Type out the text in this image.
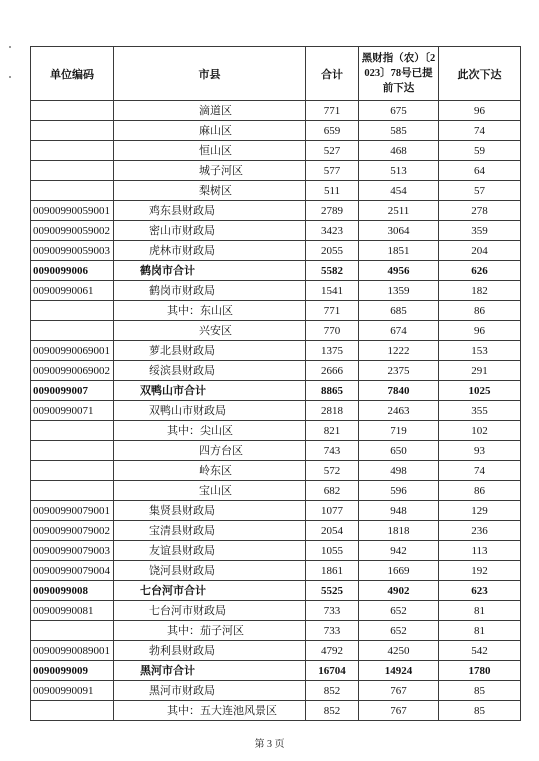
单位编码	市县	合计	黑财指（农）〔2023〕78号已提前下达	此次下达
	滴道区	771	675	96
	麻山区	659	585	74
	恒山区	527	468	59
	城子河区	577	513	64
	梨树区	511	454	57
00900990059001	鸡东县财政局	2789	2511	278
00900990059002	密山市财政局	3423	3064	359
00900990059003	虎林市财政局	2055	1851	204
0090099006	鹤岗市合计	5582	4956	626
00900990061	鹤岗市财政局	1541	1359	182
	其中：东山区	771	685	86
	兴安区	770	674	96
00900990069001	萝北县财政局	1375	1222	153
00900990069002	绥滨县财政局	2666	2375	291
0090099007	双鸭山市合计	8865	7840	1025
00900990071	双鸭山市财政局	2818	2463	355
	其中：尖山区	821	719	102
	四方台区	743	650	93
	岭东区	572	498	74
	宝山区	682	596	86
00900990079001	集贤县财政局	1077	948	129
00900990079002	宝清县财政局	2054	1818	236
00900990079003	友谊县财政局	1055	942	113
00900990079004	饶河县财政局	1861	1669	192
0090099008	七台河市合计	5525	4902	623
00900990081	七台河市财政局	733	652	81
	其中：茄子河区	733	652	81
00900990089001	勃利县财政局	4792	4250	542
0090099009	黑河市合计	16704	14924	1780
00900990091	黑河市财政局	852	767	85
	其中：五大连池风景区	852	767	85
第 3 页
